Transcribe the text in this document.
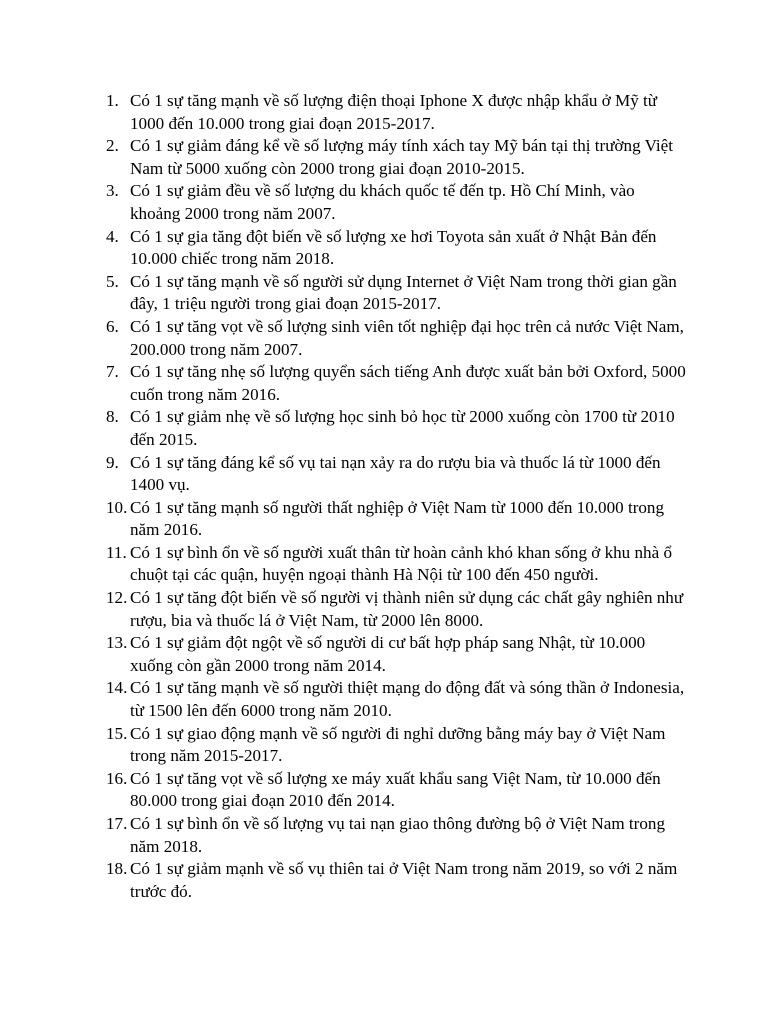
1. Có 1 sự tăng mạnh về số lượng điện thoại Iphone X được nhập khẩu ở Mỹ từ 1000 đến 10.000 trong giai đoạn 2015-2017.
2. Có 1 sự giảm đáng kể về số lượng máy tính xách tay Mỹ bán tại thị trường Việt Nam từ 5000 xuống còn 2000 trong giai đoạn 2010-2015.
3. Có 1 sự giảm đều về số lượng du khách quốc tế đến tp. Hồ Chí Minh, vào khoảng 2000 trong năm 2007.
4. Có 1 sự gia tăng đột biến về số lượng xe hơi Toyota sản xuất ở Nhật Bản đến 10.000 chiếc trong năm 2018.
5. Có 1 sự tăng mạnh về số người sử dụng Internet ở Việt Nam trong thời gian gần đây, 1 triệu người trong giai đoạn 2015-2017.
6. Có 1 sự tăng vọt về số lượng sinh viên tốt nghiệp đại học trên cả nước Việt Nam, 200.000 trong năm 2007.
7. Có 1 sự tăng nhẹ số lượng quyển sách tiếng Anh được xuất bản bởi Oxford, 5000 cuốn trong năm 2016.
8. Có 1 sự giảm nhẹ về số lượng học sinh bỏ học từ 2000 xuống còn 1700 từ 2010 đến 2015.
9. Có 1 sự tăng đáng kể số vụ tai nạn xảy ra do rượu bia và thuốc lá từ 1000 đến 1400 vụ.
10. Có 1 sự tăng mạnh số người thất nghiệp ở Việt Nam từ 1000 đến 10.000 trong năm 2016.
11. Có 1 sự bình ổn về số người xuất thân từ hoàn cảnh khó khan sống ở khu nhà ổ chuột tại các quận, huyện ngoại thành Hà Nội từ 100 đến 450 người.
12. Có 1 sự tăng đột biến về số người vị thành niên sử dụng các chất gây nghiên như rượu, bia và thuốc lá ở Việt Nam, từ 2000 lên 8000.
13. Có 1 sự giảm đột ngột về số người di cư bất hợp pháp sang Nhật, từ 10.000 xuống còn gần 2000 trong năm 2014.
14. Có 1 sự tăng mạnh về số người thiệt mạng do động đất và sóng thần ở Indonesia, từ 1500 lên đến 6000 trong năm 2010.
15. Có 1 sự giao động mạnh về số người đi nghỉ dưỡng bằng máy bay ở Việt Nam trong năm 2015-2017.
16. Có 1 sự tăng vọt về số lượng xe máy xuất khẩu sang Việt Nam, từ 10.000 đến 80.000 trong giai đoạn 2010 đến 2014.
17. Có 1 sự bình ổn về số lượng vụ tai nạn giao thông đường bộ ở Việt Nam trong năm 2018.
18. Có 1 sự giảm mạnh về số vụ thiên tai ở Việt Nam trong năm 2019, so với 2 năm trước đó.
